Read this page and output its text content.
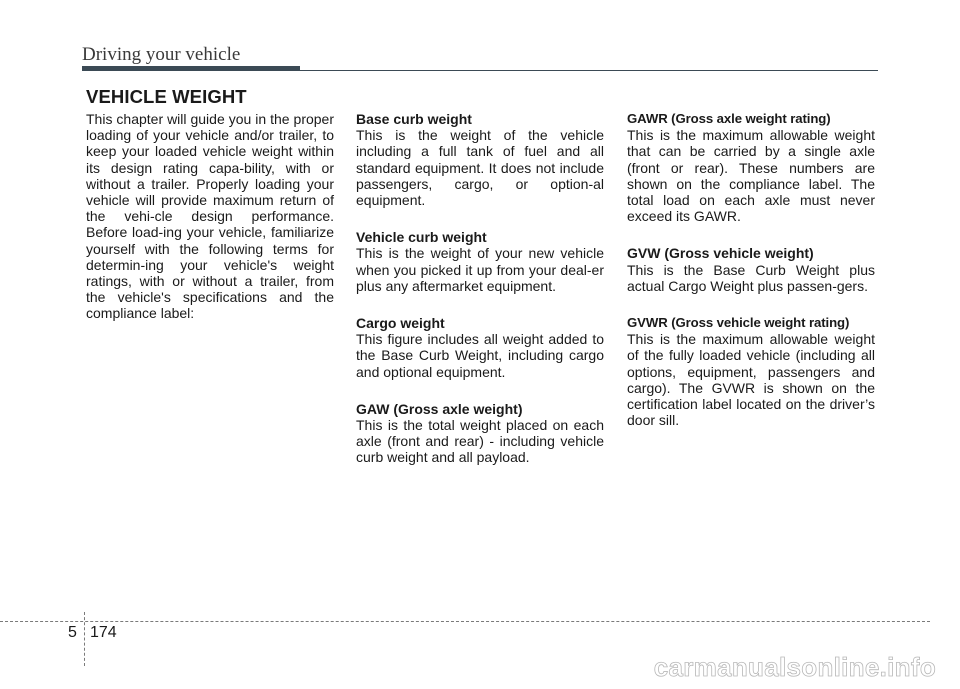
Driving your vehicle
VEHICLE WEIGHT

This chapter will guide you in the proper loading of your vehicle and/or trailer, to keep your loaded vehicle weight within its design rating capa-bility, with or without a trailer. Properly loading your vehicle will provide maximum return of the vehi-cle design performance. Before load-ing your vehicle, familiarize yourself with the following terms for determin-ing your vehicle's weight ratings, with or without a trailer, from the vehicle's specifications and the compliance label:

Base curb weight

This is the weight of the vehicle including a full tank of fuel and all standard equipment. It does not include passengers, cargo, or option-al equipment.

Vehicle curb weight

This is the weight of your new vehicle when you picked it up from your deal-er plus any aftermarket equipment.

Cargo weight

This figure includes all weight added to the Base Curb Weight, including cargo and optional equipment.

GAW (Gross axle weight)

This is the total weight placed on each axle (front and rear) - including vehicle curb weight and all payload.

GAWR (Gross axle weight rating)

This is the maximum allowable weight that can be carried by a single axle (front or rear). These numbers are shown on the compliance label. The total load on each axle must never exceed its GAWR.

GVW (Gross vehicle weight)

This is the Base Curb Weight plus actual Cargo Weight plus passen-gers.

GVWR (Gross vehicle weight rating)

This is the maximum allowable weight of the fully loaded vehicle (including all options, equipment, passengers and cargo). The GVWR is shown on the certification label located on the driver’s door sill.

5 174
carmanualsonline.info
